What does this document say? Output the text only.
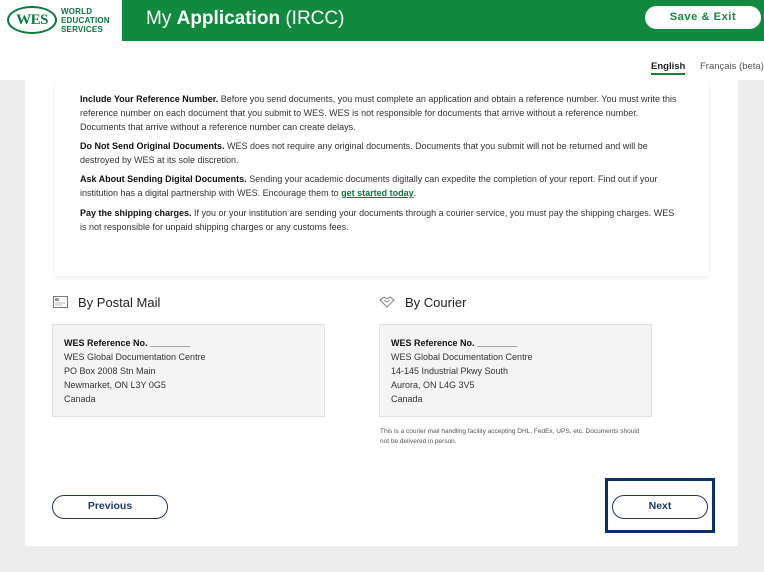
WES
WORLD
EDUCATION
SERVICES
My Application (IRCC)	Save & Exit
English Français (beta)
Include Your Reference Number. Before you send documents, you must complete an application and obtain a reference number. You must write this reference number on each document that you submit to WES. WES is not responsible for documents that arrive without a reference number. Documents that arrive without a reference number can create delays.
Do Not Send Original Documents. WES does not require any original documents. Documents that you submit will not be returned and will be destroyed by WES at its sole discretion.
Ask About Sending Digital Documents. Sending your academic documents digitally can expedite the completion of your report. Find out if your institution has a digital partnership with WES. Encourage them to get started today.
Pay the shipping charges. If you or your institution are sending your documents through a courier service, you must pay the shipping charges. WES is not responsible for unpaid shipping charges or any customs fees.
By Postal Mail
WES Reference No. ________
WES Global Documentation Centre
PO Box 2008 Stn Main
Newmarket, ON L3Y 0G5
Canada
By Courier
WES Reference No. ________
WES Global Documentation Centre
14-145 Industrial Pkwy South
Aurora, ON L4G 3V5
Canada
This is a courier mail handling facility accepting DHL, FedEx, UPS, etc. Documents should not be delivered in person.
Previous	Next
